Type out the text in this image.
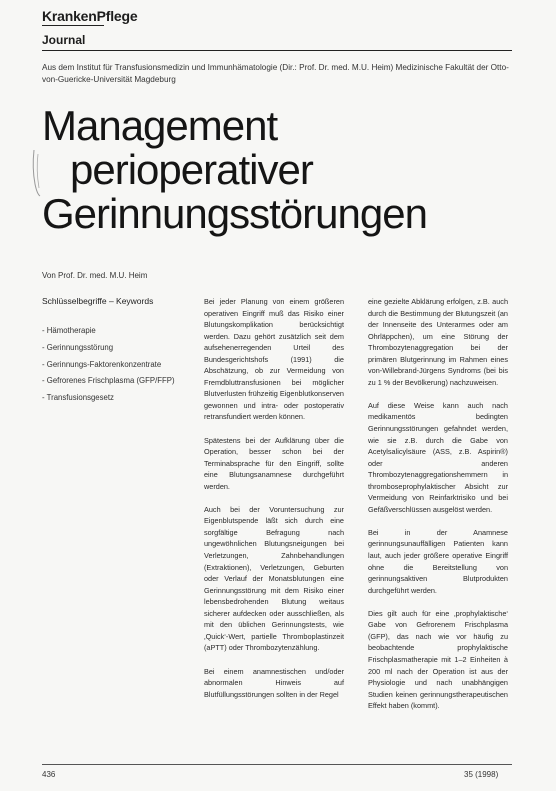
KrankenPflege
Journal
Aus dem Institut für Transfusionsmedizin und Immunhämatologie (Dir.: Prof. Dr. med. M.U. Heim) Medizinische Fakultät der Otto-von-Guericke-Universität Magdeburg
Management
perioperativer
Gerinnungsstörungen
Von Prof. Dr. med. M.U. Heim
Schlüsselbegriffe – Keywords
- Hämotherapie
- Gerinnungsstörung
- Gerinnungs-Faktorenkonzentrate
- Gefrorenes Frischplasma (GFP/FFP)
- Transfusionsgesetz

Bei jeder Planung von einem größeren operativen Eingriff muß das Risiko einer Blutungskomplikation berücksichtigt werden. Dazu gehört zusätzlich seit dem aufsehenerregenden Urteil des Bundesgerichtshofs (1991) die Abschätzung, ob zur Vermeidung von Fremdbluttransfusionen bei möglicher Blutverlusten frühzeitig Eigenblutkonserven gewonnen und intra- oder postoperativ retransfundiert werden können.

Spätestens bei der Aufklärung über die Operation, besser schon bei der Terminabsprache für den Eingriff, sollte eine Blutungsanamnese durchgeführt werden.

Auch bei der Voruntersuchung zur Eigenblutspende läßt sich durch eine sorgfältige Befragung nach ungewöhnlichen Blutungsneigungen bei Verletzungen, Zahnbehandlungen (Extraktionen), Verletzungen, Geburten oder Verlauf der Monatsblutungen eine Gerinnungsstörung mit dem Risiko einer lebensbedrohenden Blutung weitaus sicherer aufdecken oder ausschließen, als mit den üblichen Gerinnungstests, wie ‚Quick‘-Wert, partielle Thromboplastinzeit (aPTT) oder Thrombozytenzählung.

Bei einem anamnestischen und/oder abnormalen Hinweis auf Blutfüllungsstörungen sollten in der Regel

eine gezielte Abklärung erfolgen, z.B. auch durch die Bestimmung der Blutungszeit (an der Innenseite des Unterarmes oder am Ohrläppchen), um eine Störung der Thrombozytenaggregation bei der primären Blutgerinnung im Rahmen eines von-Willebrand-Jürgens Syndroms (bei bis zu 1 % der Bevölkerung) nachzuweisen.

Auf diese Weise kann auch nach medikamentös bedingten Gerinnungsstörungen gefahndet werden, wie sie z.B. durch die Gabe von Acetylsalicylsäure (ASS, z.B. Aspirin®) oder anderen Thrombozytenaggregationshemmern in thromboseprophylaktischer Absicht zur Vermeidung von Reinfarktrisiko und bei Gefäßverschlüssen ausgelöst werden.

Bei in der Anamnese gerinnungsunauffälligen Patienten kann laut, auch jeder größere operative Eingriff ohne die Bereitstellung von gerinnungsaktiven Blutprodukten durchgeführt werden.

Dies gilt auch für eine ‚prophylaktische‘ Gabe von Gefrorenem Frischplasma (GFP), das nach wie vor häufig zu beobachtende prophylaktische Frischplasmatherapie mit 1–2 Einheiten à 200 ml nach der Operation ist aus der Physiologie und nach unabhängigen Studien keinen gerinnungstherapeutischen Effekt haben (kommt).

436	35 (1998)
